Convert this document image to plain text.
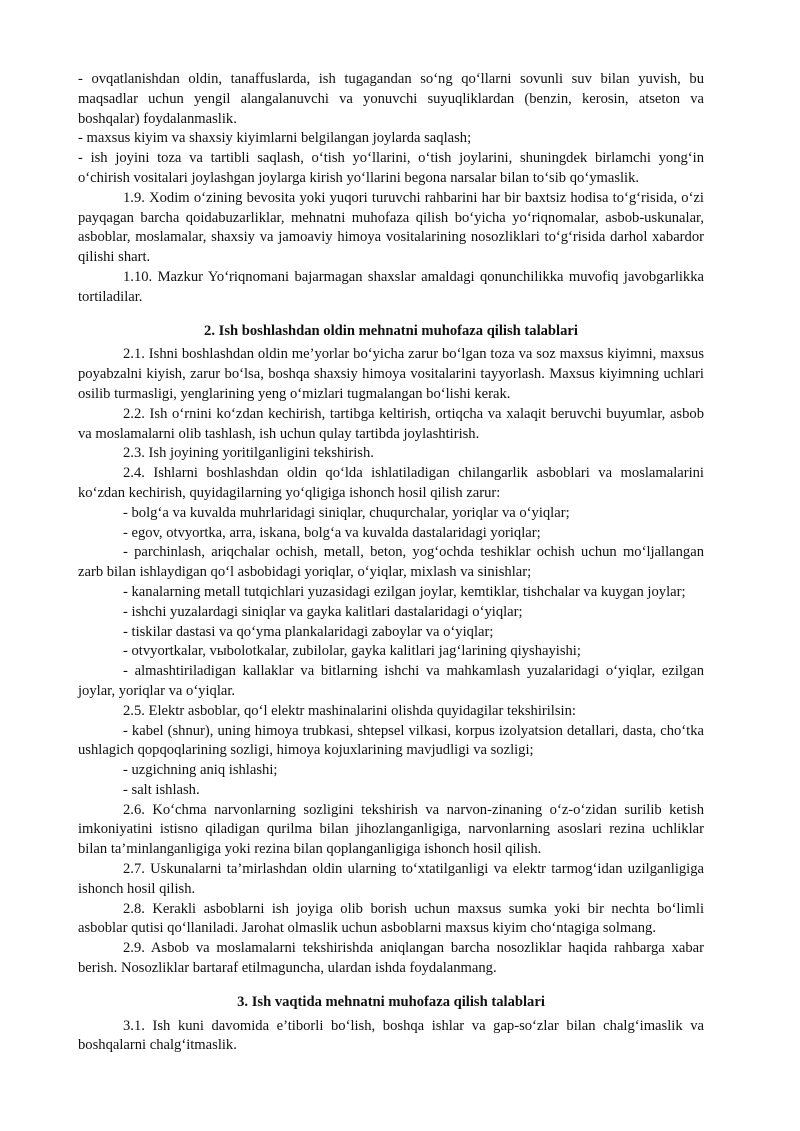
- ovqatlanishdan oldin, tanaffuslarda, ish tugagandan so‘ng qo‘llarni sovunli suv bilan yuvish, bu maqsadlar uchun yengil alangalanuvchi va yonuvchi suyuqliklardan (benzin, kerosin, atseton va boshqalar) foydalanmaslik.

- maxsus kiyim va shaxsiy kiyimlarni belgilangan joylarda saqlash;

- ish joyini toza va tartibli saqlash, o‘tish yo‘llarini, o‘tish joylarini, shuningdek birlamchi yong‘in o‘chirish vositalari joylashgan joylarga kirish yo‘llarini begona narsalar bilan to‘sib qo‘ymaslik.

1.9. Xodim o‘zining bevosita yoki yuqori turuvchi rahbarini har bir baxtsiz hodisa to‘g‘risida, o‘zi payqagan barcha qoidabuzarliklar, mehnatni muhofaza qilish bo‘yicha yo‘riqnomalar, asbob-uskunalar, asboblar, moslamalar, shaxsiy va jamoaviy himoya vositalarining nosozliklari to‘g‘risida darhol xabardor qilishi shart.

1.10. Mazkur Yo‘riqnomani bajarmagan shaxslar amaldagi qonunchilikka muvofiq javobgarlikka tortiladilar.

2. Ish boshlashdan oldin mehnatni muhofaza qilish talablari

2.1. Ishni boshlashdan oldin me’yorlar bo‘yicha zarur bo‘lgan toza va soz maxsus kiyimni, maxsus poyabzalni kiyish, zarur bo‘lsa, boshqa shaxsiy himoya vositalarini tayyorlash. Maxsus kiyimning uchlari osilib turmasligi, yenglarining yeng o‘mizlari tugmalangan bo‘lishi kerak.

2.2. Ish o‘rnini ko‘zdan kechirish, tartibga keltirish, ortiqcha va xalaqit beruvchi buyumlar, asbob va moslamalarni olib tashlash, ish uchun qulay tartibda joylashtirish.

2.3. Ish joyining yoritilganligini tekshirish.

2.4. Ishlarni boshlashdan oldin qo‘lda ishlatiladigan chilangarlik asboblari va moslamalarini ko‘zdan kechirish, quyidagilarning yo‘qligiga ishonch hosil qilish zarur:

- bolg‘a va kuvalda muhrlaridagi siniqlar, chuqurchalar, yoriqlar va o‘yiqlar;

- egov, otvyortka, arra, iskana, bolg‘a va kuvalda dastalaridagi yoriqlar;

- parchinlash, ariqchalar ochish, metall, beton, yog‘ochda teshiklar ochish uchun mo‘ljallangan zarb bilan ishlaydigan qo‘l asbobidagi yoriqlar, o‘yiqlar, mixlash va sinishlar;

- kanalarning metall tutqichlari yuzasidagi ezilgan joylar, kemtiklar, tishchalar va kuygan joylar;

- ishchi yuzalardagi siniqlar va gayka kalitlari dastalaridagi o‘yiqlar;

- tiskilar dastasi va qo‘yma plankalaridagi zaboylar va o‘yiqlar;

- otvyortkalar, vыbolotkalar, zubilolar, gayka kalitlari jag‘larining qiyshayishi;

- almashtiriladigan kallaklar va bitlarning ishchi va mahkamlash yuzalaridagi o‘yiqlar, ezilgan joylar, yoriqlar va o‘yiqlar.

2.5. Elektr asboblar, qo‘l elektr mashinalarini olishda quyidagilar tekshirilsin:

- kabel (shnur), uning himoya trubkasi, shtepsel vilkasi, korpus izolyatsion detallari, dasta, cho‘tka ushlagich qopqoqlarining sozligi, himoya kojuxlarining mavjudligi va sozligi;

- uzgichning aniq ishlashi;

- salt ishlash.

2.6. Ko‘chma narvonlarning sozligini tekshirish va narvon-zinaning o‘z-o‘zidan surilib ketish imkoniyatini istisno qiladigan qurilma bilan jihozlanganligiga, narvonlarning asoslari rezina uchliklar bilan ta’minlanganligiga yoki rezina bilan qoplanganligiga ishonch hosil qilish.

2.7. Uskunalarni ta’mirlashdan oldin ularning to‘xtatilganligi va elektr tarmog‘idan uzilganligiga ishonch hosil qilish.

2.8. Kerakli asboblarni ish joyiga olib borish uchun maxsus sumka yoki bir nechta bo‘limli asboblar qutisi qo‘llaniladi. Jarohat olmaslik uchun asboblarni maxsus kiyim cho‘ntagiga solmang.

2.9. Asbob va moslamalarni tekshirishda aniqlangan barcha nosozliklar haqida rahbarga xabar berish. Nosozliklar bartaraf etilmaguncha, ulardan ishda foydalanmang.

3. Ish vaqtida mehnatni muhofaza qilish talablari

3.1. Ish kuni davomida e’tiborli bo‘lish, boshqa ishlar va gap-so‘zlar bilan chalg‘imaslik va boshqalarni chalg‘itmaslik.
